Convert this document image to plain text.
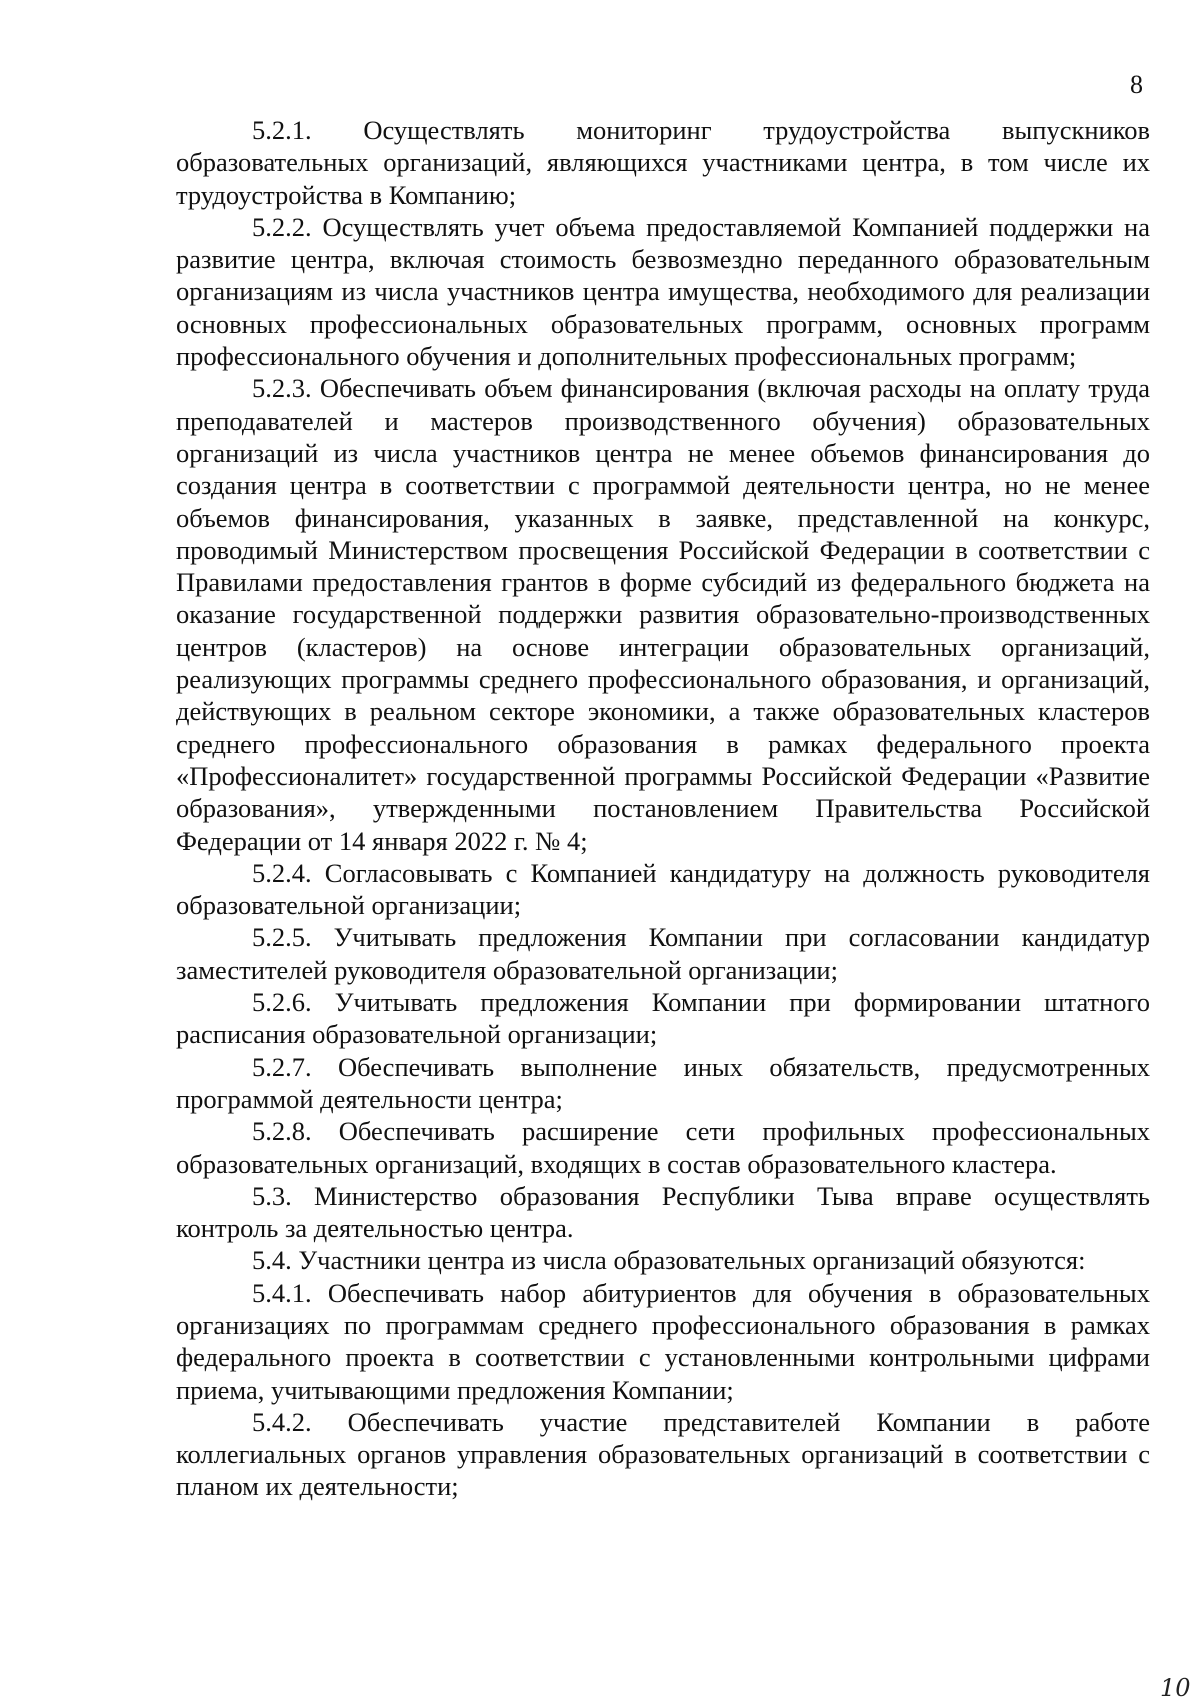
8

5.2.1. Осуществлять мониторинг трудоустройства выпускников образовательных организаций, являющихся участниками центра, в том числе их трудоустройства в Компанию;

5.2.2. Осуществлять учет объема предоставляемой Компанией поддержки на развитие центра, включая стоимость безвозмездно переданного образовательным организациям из числа участников центра имущества, необходимого для реализации основных профессиональных образовательных программ, основных программ профессионального обучения и дополнительных профессиональных программ;

5.2.3. Обеспечивать объем финансирования (включая расходы на оплату труда преподавателей и мастеров производственного обучения) образовательных организаций из числа участников центра не менее объемов финансирования до создания центра в соответствии с программой деятельности центра, но не менее объемов финансирования, указанных в заявке, представленной на конкурс, проводимый Министерством просвещения Российской Федерации в соответствии с Правилами предоставления грантов в форме субсидий из федерального бюджета на оказание государственной поддержки развития образовательно-производственных центров (кластеров) на основе интеграции образовательных организаций, реализующих программы среднего профессионального образования, и организаций, действующих в реальном секторе экономики, а также образовательных кластеров среднего профессионального образования в рамках федерального проекта «Профессионалитет» государственной программы Российской Федерации «Развитие образования», утвержденными постановлением Правительства Российской Федерации от 14 января 2022 г. № 4;

5.2.4. Согласовывать с Компанией кандидатуру на должность руководителя образовательной организации;

5.2.5. Учитывать предложения Компании при согласовании кандидатур заместителей руководителя образовательной организации;

5.2.6. Учитывать предложения Компании при формировании штатного расписания образовательной организации;

5.2.7. Обеспечивать выполнение иных обязательств, предусмотренных программой деятельности центра;

5.2.8. Обеспечивать расширение сети профильных профессиональных образовательных организаций, входящих в состав образовательного кластера.

5.3. Министерство образования Республики Тыва вправе осуществлять контроль за деятельностью центра.

5.4. Участники центра из числа образовательных организаций обязуются:

5.4.1. Обеспечивать набор абитуриентов для обучения в образовательных организациях по программам среднего профессионального образования в рамках федерального проекта в соответствии с установленными контрольными цифрами приема, учитывающими предложения Компании;

5.4.2. Обеспечивать участие представителей Компании в работе коллегиальных органов управления образовательных организаций в соответствии с планом их деятельности;

10
